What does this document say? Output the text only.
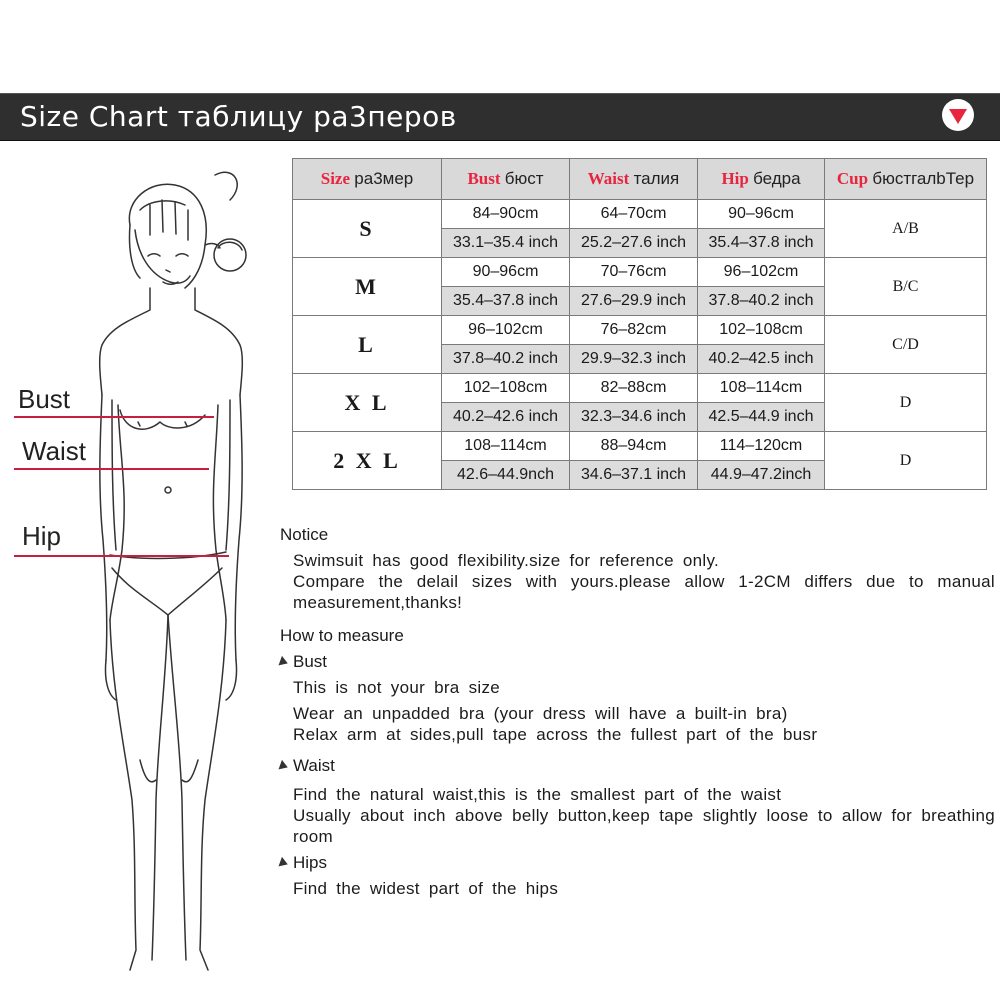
Size Chart таблицу ра3перов
Bust
Waist
Hip
Size ра3мер	Bust бюст	Waist талия	Hip бедра	Cup бюстгалbТер
S	84–90cm	64–70cm	90–96cm	A/B
	33.1–35.4 inch	25.2–27.6 inch	35.4–37.8 inch	
M	90–96cm	70–76cm	96–102cm	B/C
	35.4–37.8 inch	27.6–29.9 inch	37.8–40.2 inch	
L	96–102cm	76–82cm	102–108cm	C/D
	37.8–40.2 inch	29.9–32.3 inch	40.2–42.5 inch	
X L	102–108cm	82–88cm	108–114cm	D
	40.2–42.6 inch	32.3–34.6 inch	42.5–44.9 inch	
2 X L	108–114cm	88–94cm	114–120cm	D
	42.6–44.9nch	34.6–37.1 inch	44.9–47.2inch	
Notice
Swimsuit has good flexibility.size for reference only.
Compare the delail sizes with yours.please allow 1-2CM differs due to manual measurement,thanks!
How to measure
Bust
This is not your bra size
Wear an unpadded bra (your dress will have a built-in bra)
Relax arm at sides,pull tape across the fullest part of the busr
Waist
Find the natural waist,this is the smallest part of the waist
Usually about inch above belly button,keep tape slightly loose to allow for breathing room
Hips
Find the widest part of the hips
